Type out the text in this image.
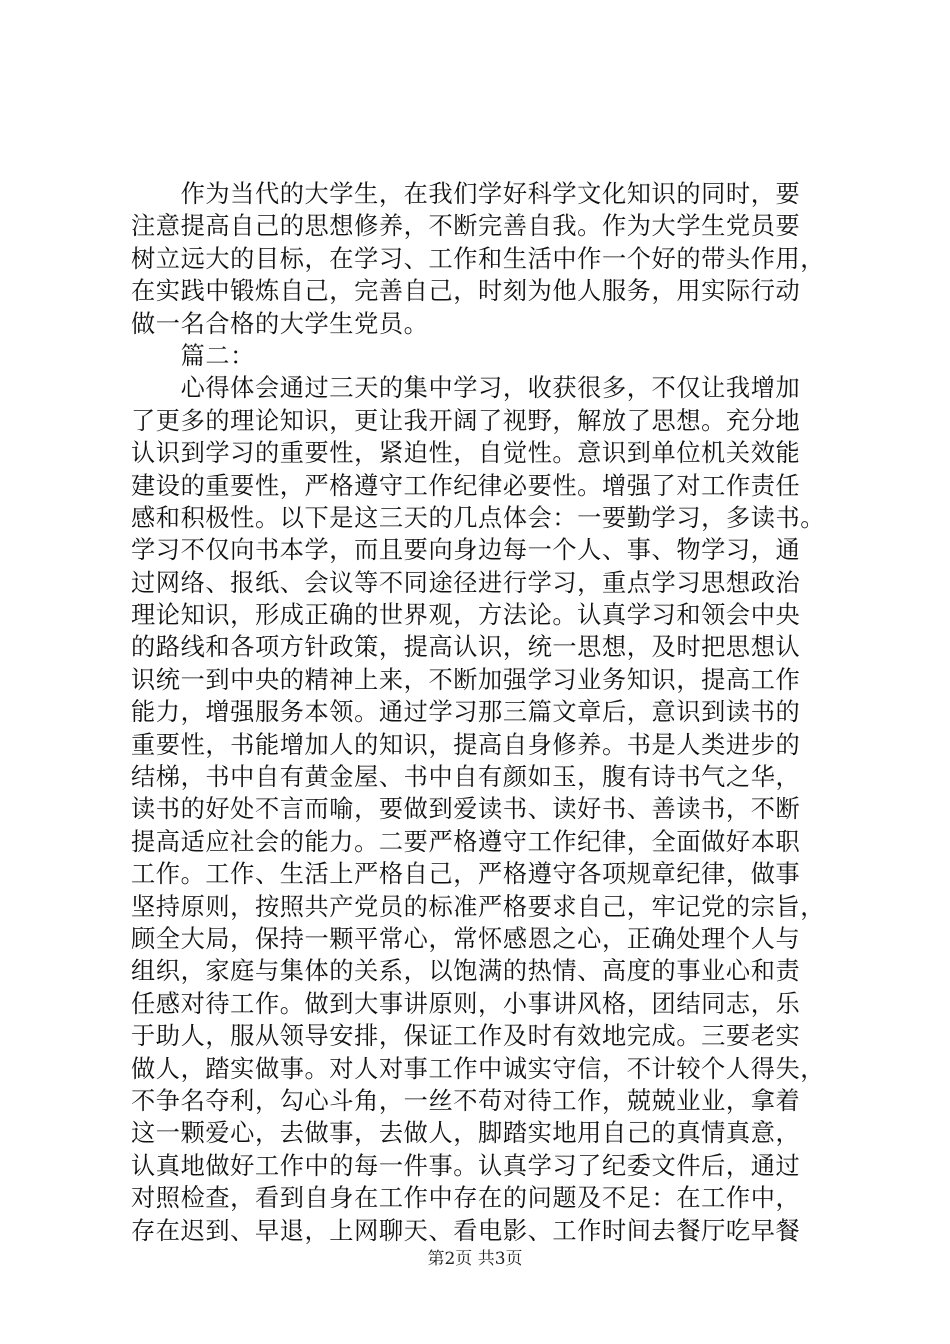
　　作为当代的大学生，在我们学好科学文化知识的同时，要
注意提高自己的思想修养，不断完善自我。作为大学生党员要
树立远大的目标，在学习、工作和生活中作一个好的带头作用，
在实践中锻炼自己，完善自己，时刻为他人服务，用实际行动
做一名合格的大学生党员。
　　篇二：
　　心得体会通过三天的集中学习，收获很多，不仅让我增加
了更多的理论知识，更让我开阔了视野，解放了思想。充分地
认识到学习的重要性，紧迫性，自觉性。意识到单位机关效能
建设的重要性，严格遵守工作纪律必要性。增强了对工作责任
感和积极性。以下是这三天的几点体会：一要勤学习，多读书。
学习不仅向书本学，而且要向身边每一个人、事、物学习，通
过网络、报纸、会议等不同途径进行学习，重点学习思想政治
理论知识，形成正确的世界观，方法论。认真学习和领会中央
的路线和各项方针政策，提高认识，统一思想，及时把思想认
识统一到中央的精神上来，不断加强学习业务知识，提高工作
能力，增强服务本领。通过学习那三篇文章后，意识到读书的
重要性，书能增加人的知识，提高自身修养。书是人类进步的
结梯，书中自有黄金屋、书中自有颜如玉，腹有诗书气之华，
读书的好处不言而喻，要做到爱读书、读好书、善读书，不断
提高适应社会的能力。二要严格遵守工作纪律，全面做好本职
工作。工作、生活上严格自己，严格遵守各项规章纪律，做事
坚持原则，按照共产党员的标准严格要求自己，牢记党的宗旨，
顾全大局，保持一颗平常心，常怀感恩之心，正确处理个人与
组织，家庭与集体的关系，以饱满的热情、高度的事业心和责
任感对待工作。做到大事讲原则，小事讲风格，团结同志，乐
于助人，服从领导安排，保证工作及时有效地完成。三要老实
做人，踏实做事。对人对事工作中诚实守信，不计较个人得失，
不争名夺利，勾心斗角，一丝不苟对待工作，兢兢业业，拿着
这一颗爱心，去做事，去做人，脚踏实地用自己的真情真意，
认真地做好工作中的每一件事。认真学习了纪委文件后，通过
对照检查，看到自身在工作中存在的问题及不足：在工作中，
存在迟到、早退，上网聊天、看电影、工作时间去餐厅吃早餐
第2页 共3页
